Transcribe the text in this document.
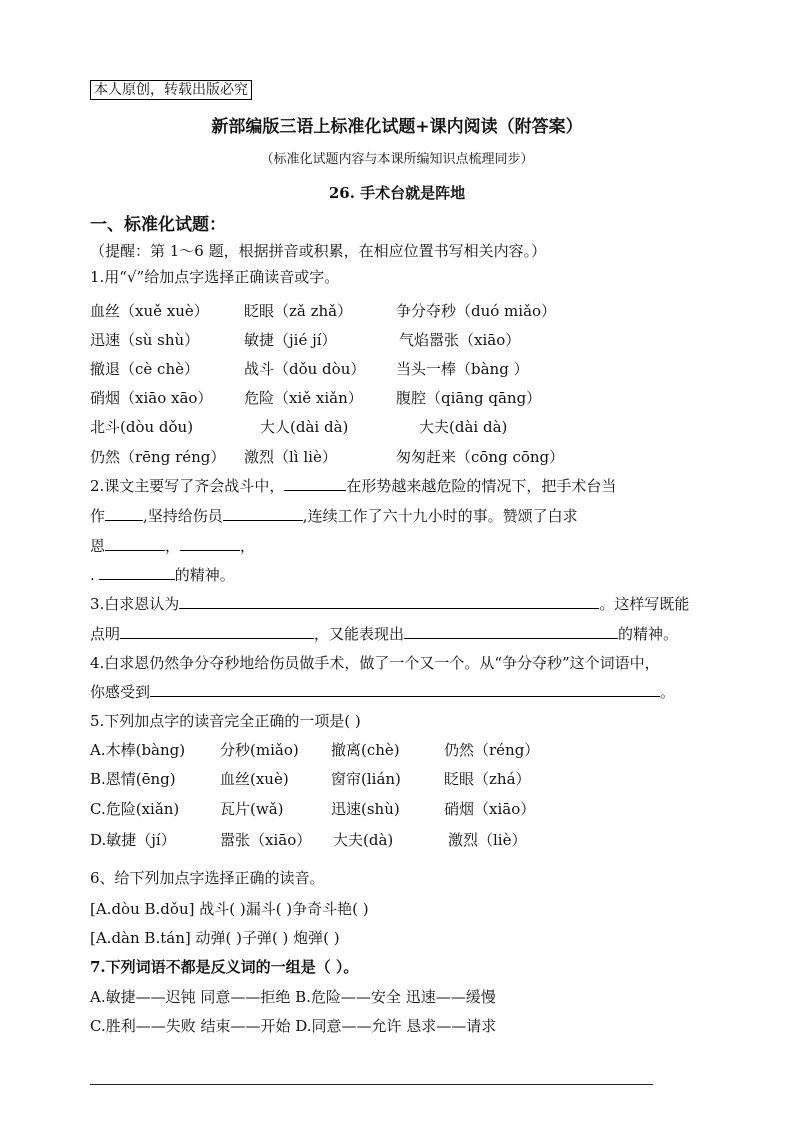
本人原创，转载出版必究
新部编版三语上标准化试题+课内阅读（附答案）
（标准化试题内容与本课所编知识点梳理同步）
26. 手术台就是阵地
一、标准化试题：
（提醒：第 1～6 题，根据拼音或积累，在相应位置书写相关内容。）
1.用“√”给加点字选择正确读音或字。
血丝（xuě xuè） 眨眼（zǎ zhǎ）	争分夺秒（duó miǎo）
迅速（sù shù）	敏捷（jié jí）	气焰嚣张（xiāo）
撤退（cè chè）	战斗（dǒu dòu） 当头一棒（bàng ）
硝烟（xiāo xāo） 危险（xiě xiǎn） 腹腔（qiāng qāng）
北斗(dòu dǒu)	大人(dài dà)	大夫(dài dà)
仍然（rēng réng） 激烈（lì liè）	匆匆赶来（cōng cōng）
2.课文主要写了齐会战斗中，	在形势越来越危险的情况下，把手术台当
作	,坚持给伤员	,连续工作了六十九小时的事。赞颂了白求
恩	，	，
.	的精神。
3.白求恩认为	。这样写既能
点明	，又能表现出	的精神。
4.白求恩仍然争分夺秒地给伤员做手术，做了一个又一个。从“争分夺秒”这个词语中，
你感受到	。
5.下列加点字的读音完全正确的一项是( )
A.木棒(bàng) 分秒(miǎo) 撤离(chè)	仍然（réng）
B.恩情(ēng)	血丝(xuè)	窗帘(lián)	眨眼（zhá）
C.危险(xiǎn)	瓦片(wǎ)	迅速(shù)	硝烟（xiāo）
D.敏捷（jí）	嚣张（xiāo） 大夫(dà)	激烈（liè）
6、给下列加点字选择正确的读音。
[A.dòu B.dǒu] 战斗( )漏斗( )争奇斗艳( )
[A.dàn B.tán] 动弹( )子弹( ) 炮弹( )
7.下列词语不都是反义词的一组是（ ）。
A.敏捷——迟钝 同意——拒绝 B.危险——安全 迅速——缓慢
C.胜利——失败 结束——开始 D.同意——允许 恳求——请求
